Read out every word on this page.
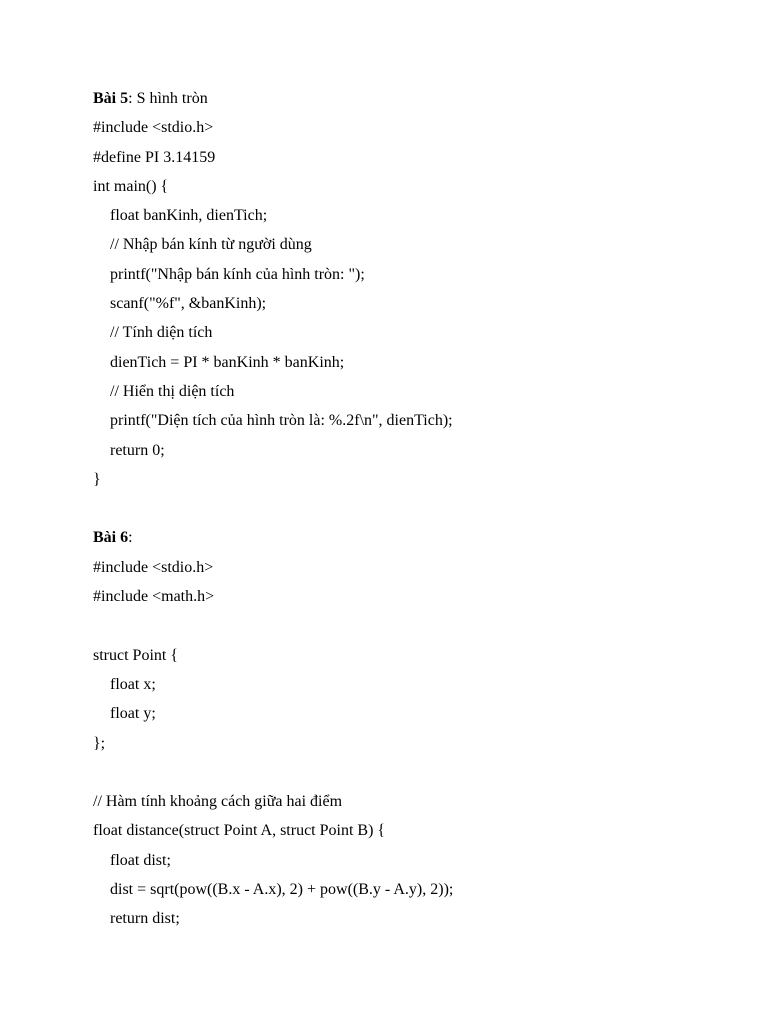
Bài 5: S hình tròn
#include <stdio.h>
#define PI 3.14159
int main() {
float banKinh, dienTich;
// Nhập bán kính từ người dùng
printf("Nhập bán kính của hình tròn: ");
scanf("%f", &banKinh);
// Tính diện tích
dienTich = PI * banKinh * banKinh;
// Hiển thị diện tích
printf("Diện tích của hình tròn là: %.2f\n", dienTich);
return 0;
}
Bài 6:
#include <stdio.h>
#include <math.h>
struct Point {
float x;
float y;
};
// Hàm tính khoảng cách giữa hai điểm
float distance(struct Point A, struct Point B) {
float dist;
dist = sqrt(pow((B.x - A.x), 2) + pow((B.y - A.y), 2));
return dist;
